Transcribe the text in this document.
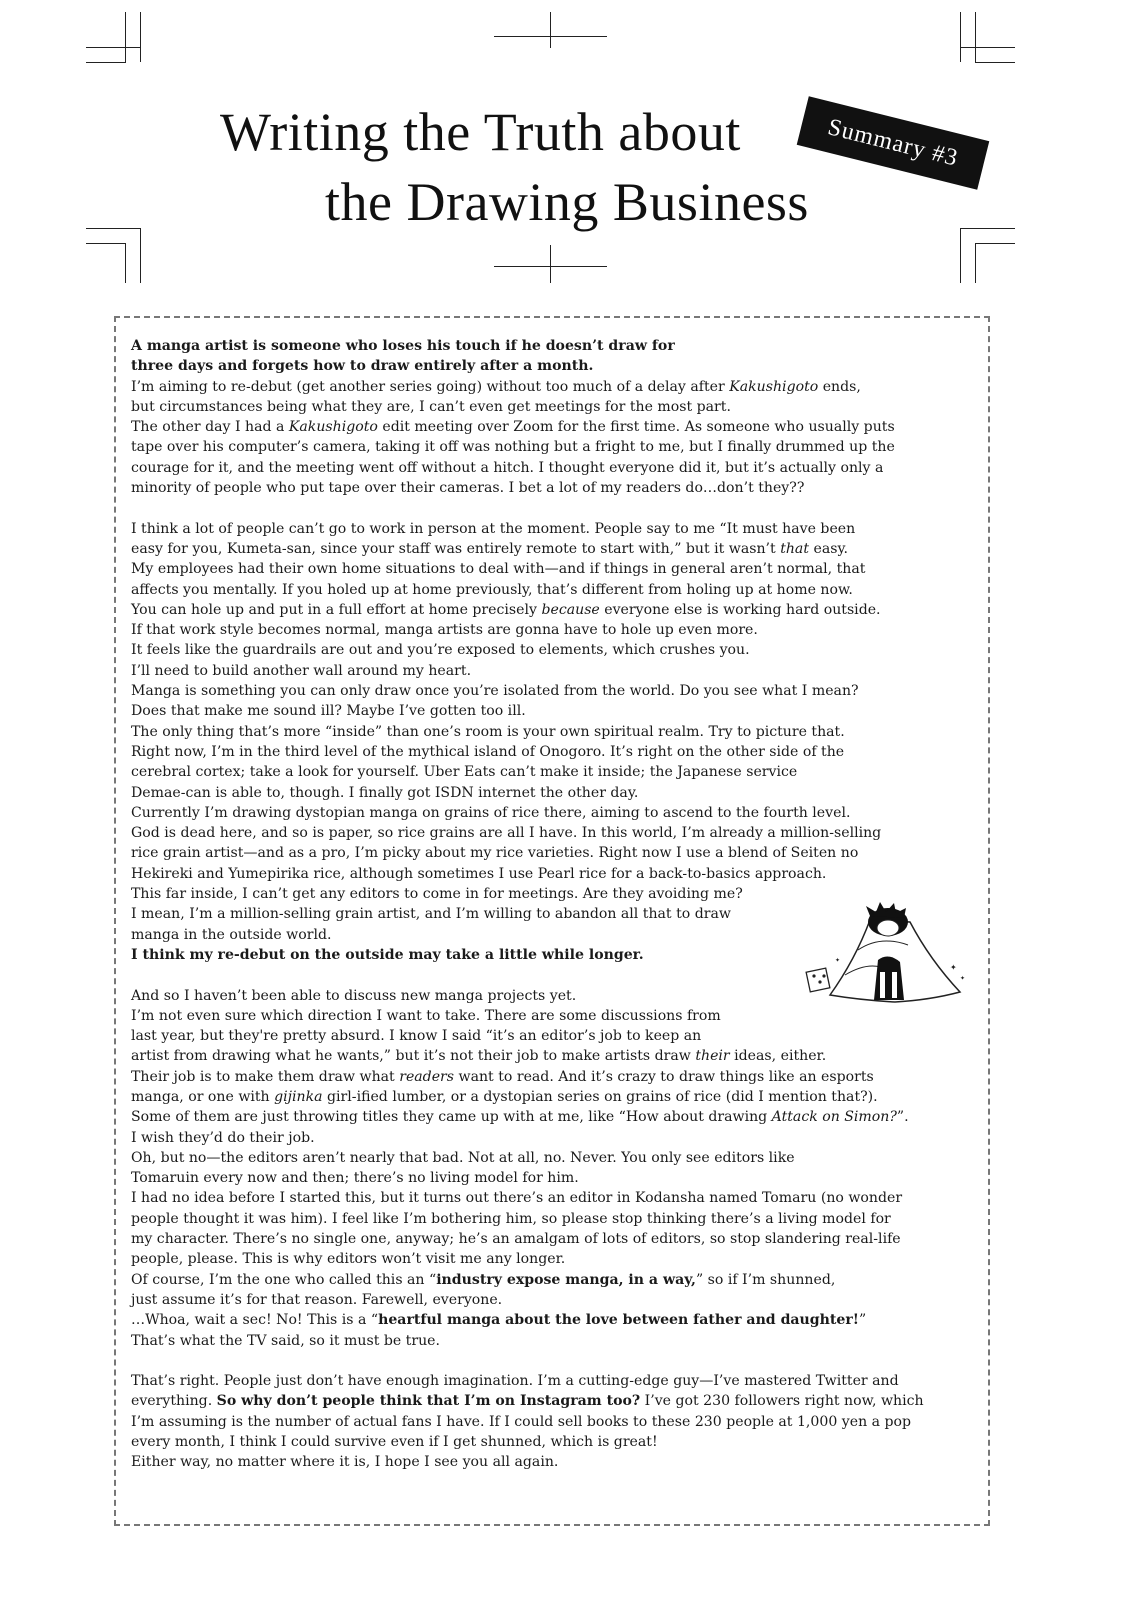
Writing the Truth about
the Drawing Business
Summary #3

A manga artist is someone who loses his touch if he doesn’t draw for

three days and forgets how to draw entirely after a month.

I’m aiming to re-debut (get another series going) without too much of a delay after Kakushigoto ends,

but circumstances being what they are, I can’t even get meetings for the most part.

The other day I had a Kakushigoto edit meeting over Zoom for the first time. As someone who usually puts

tape over his computer’s camera, taking it off was nothing but a fright to me, but I finally drummed up the

courage for it, and the meeting went off without a hitch. I thought everyone did it, but it’s actually only a

minority of people who put tape over their cameras. I bet a lot of my readers do…don’t they??

I think a lot of people can’t go to work in person at the moment. People say to me “It must have been

easy for you, Kumeta-san, since your staff was entirely remote to start with,” but it wasn’t that easy.

My employees had their own home situations to deal with—and if things in general aren’t normal, that

affects you mentally. If you holed up at home previously, that’s different from holing up at home now.

You can hole up and put in a full effort at home precisely because everyone else is working hard outside.

If that work style becomes normal, manga artists are gonna have to hole up even more.

It feels like the guardrails are out and you’re exposed to elements, which crushes you.

I’ll need to build another wall around my heart.

Manga is something you can only draw once you’re isolated from the world. Do you see what I mean?

Does that make me sound ill? Maybe I’ve gotten too ill.

The only thing that’s more “inside” than one’s room is your own spiritual realm. Try to picture that.

Right now, I’m in the third level of the mythical island of Onogoro. It’s right on the other side of the

cerebral cortex; take a look for yourself. Uber Eats can’t make it inside; the Japanese service

Demae-can is able to, though. I finally got ISDN internet the other day.

Currently I’m drawing dystopian manga on grains of rice there, aiming to ascend to the fourth level.

God is dead here, and so is paper, so rice grains are all I have. In this world, I’m already a million-selling

rice grain artist—and as a pro, I’m picky about my rice varieties. Right now I use a blend of Seiten no

Hekireki and Yumepirika rice, although sometimes I use Pearl rice for a back-to-basics approach.

This far inside, I can’t get any editors to come in for meetings. Are they avoiding me?

I mean, I’m a million-selling grain artist, and I’m willing to abandon all that to draw

manga in the outside world.

I think my re-debut on the outside may take a little while longer.

And so I haven’t been able to discuss new manga projects yet.

I’m not even sure which direction I want to take. There are some discussions from

last year, but they're pretty absurd. I know I said “it’s an editor’s job to keep an

artist from drawing what he wants,” but it’s not their job to make artists draw their ideas, either.

Their job is to make them draw what readers want to read. And it’s crazy to draw things like an esports

manga, or one with gijinka girl-ified lumber, or a dystopian series on grains of rice (did I mention that?).

Some of them are just throwing titles they came up with at me, like “How about drawing Attack on Simon?”.

I wish they’d do their job.

Oh, but no—the editors aren’t nearly that bad. Not at all, no. Never. You only see editors like

Tomaruin every now and then; there’s no living model for him.

I had no idea before I started this, but it turns out there’s an editor in Kodansha named Tomaru (no wonder

people thought it was him). I feel like I’m bothering him, so please stop thinking there’s a living model for

my character. There’s no single one, anyway; he’s an amalgam of lots of editors, so stop slandering real-life

people, please. This is why editors won’t visit me any longer.

Of course, I’m the one who called this an “industry expose manga, in a way,” so if I’m shunned,

just assume it’s for that reason. Farewell, everyone.

…Whoa, wait a sec! No! This is a “heartful manga about the love between father and daughter!”

That’s what the TV said, so it must be true.

That’s right. People just don’t have enough imagination. I’m a cutting-edge guy—I’ve mastered Twitter and

everything. So why don’t people think that I’m on Instagram too? I’ve got 230 followers right now, which

I’m assuming is the number of actual fans I have. If I could sell books to these 230 people at 1,000 yen a pop

every month, I think I could survive even if I get shunned, which is great!

Either way, no matter where it is, I hope I see you all again.

✦
✦
✦
